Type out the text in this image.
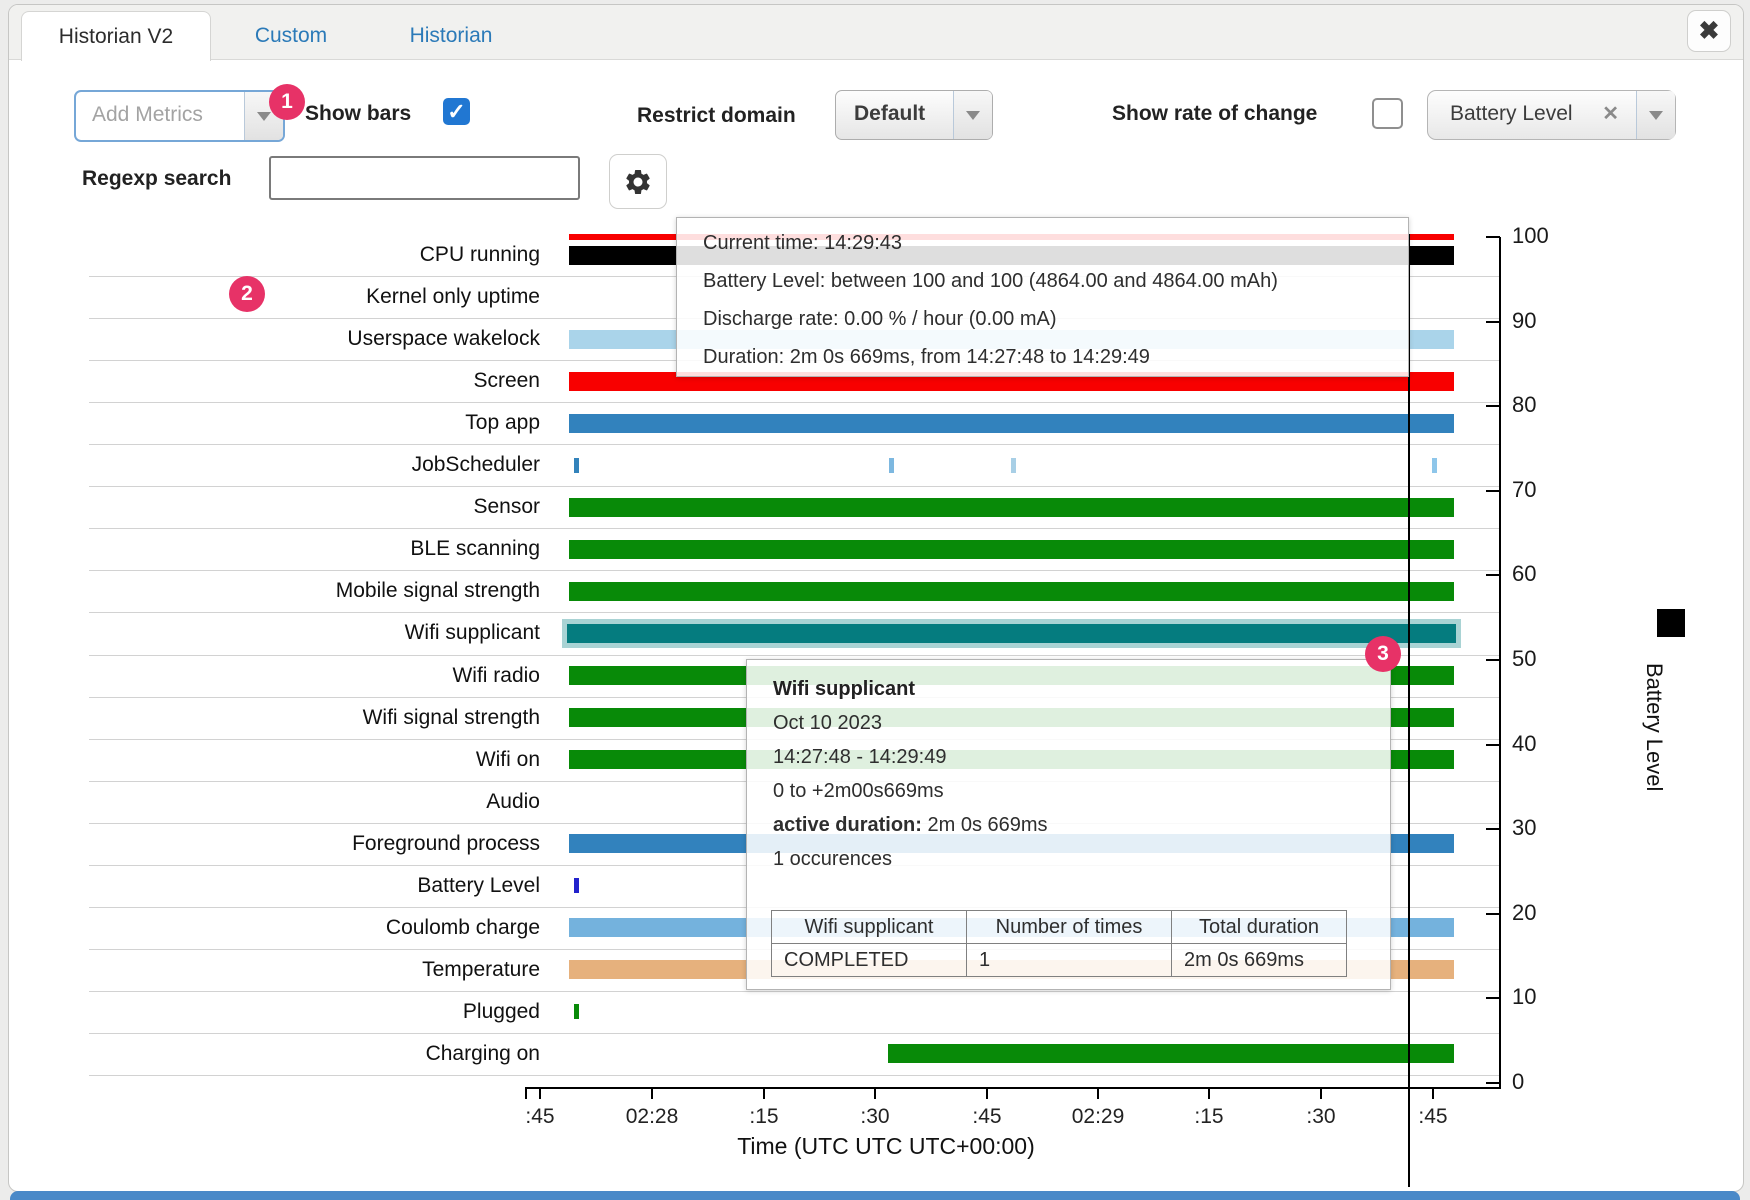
Historian V2	Custom	Historian	✖
Add Metrics	Show bars ✓	Restrict domain	Default	Show rate of change	Battery Level ✕
Regexp search
CPU running
Kernel only uptime
Userspace wakelock
Screen
Top app
JobScheduler
Sensor
BLE scanning
Mobile signal strength
Wifi supplicant
Wifi radio
Wifi signal strength
Wifi on
Audio
Foreground process
Battery Level
Coulomb charge
Temperature
Plugged
Charging on
:45	02:28	:15	:30	:45	02:29	:15	:30	:45
0
10
20
30
40
50
60
70
80
90
100
Time (UTC UTC UTC+00:00)
Battery Level
Current time: 14:29:43
Battery Level: between 100 and 100 (4864.00 and 4864.00 mAh)
Discharge rate: 0.00 % / hour (0.00 mA)
Duration: 2m 0s 669ms, from 14:27:48 to 14:29:49
Wifi supplicant
Oct 10 2023
14:27:48 - 14:29:49
0 to +2m00s669ms
active duration: 2m 0s 669ms
1 occurences
Wifi supplicant	Number of times	Total duration
COMPLETED	1	2m 0s 669ms
1
2
3
